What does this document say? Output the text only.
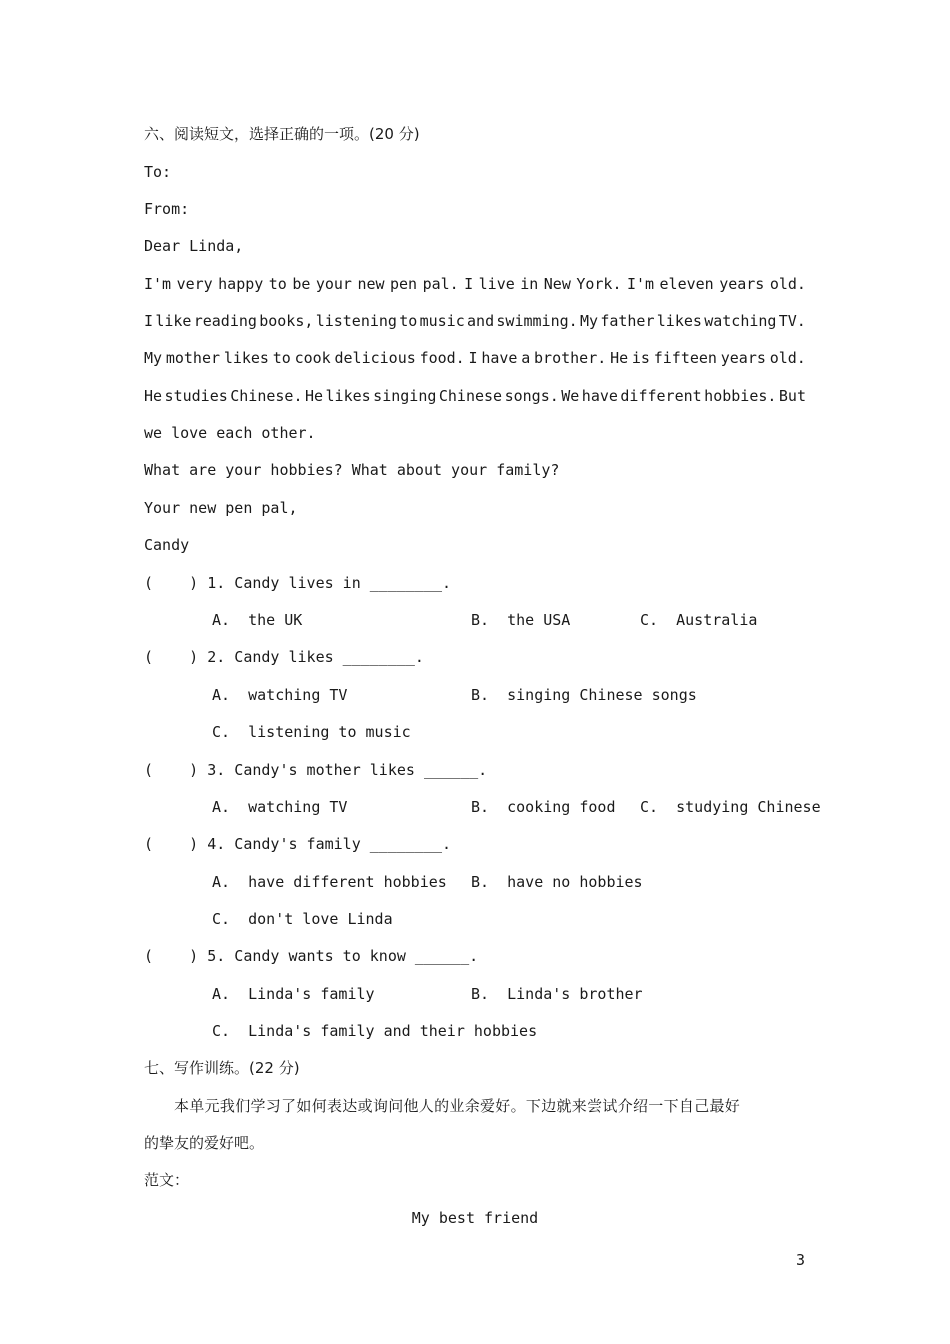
六、阅读短文，选择正确的一项。(20 分)
To:
From:
Dear Linda,
I'm very happy to be your new pen pal. I live in New York. I'm eleven years old.
I like reading books, listening to music and swimming. My father likes watching TV.
My mother likes to cook delicious food. I have a brother. He is fifteen years old.
He studies Chinese. He likes singing Chinese songs. We have different hobbies. But
we love each other.
What are your hobbies? What about your family?
Your new pen pal,
Candy
(    ) 1. Candy lives in ________.
A.  the UK	B.  the USA	C.  Australia
(    ) 2. Candy likes ________.
A.  watching TV	B.  singing Chinese songs
C.  listening to music
(    ) 3. Candy's mother likes ______.
A.  watching TV	B.  cooking food C.  studying Chinese
(    ) 4. Candy's family ________.
A.  have different hobbies B.  have no hobbies
C.  don't love Linda
(    ) 5. Candy wants to know ______.
A.  Linda's family	B.  Linda's brother
C.  Linda's family and their hobbies
七、写作训练。(22 分)
本单元我们学习了如何表达或询问他人的业余爱好。下边就来尝试介绍一下自己最好
的挚友的爱好吧。
范文：
My best friend
3
